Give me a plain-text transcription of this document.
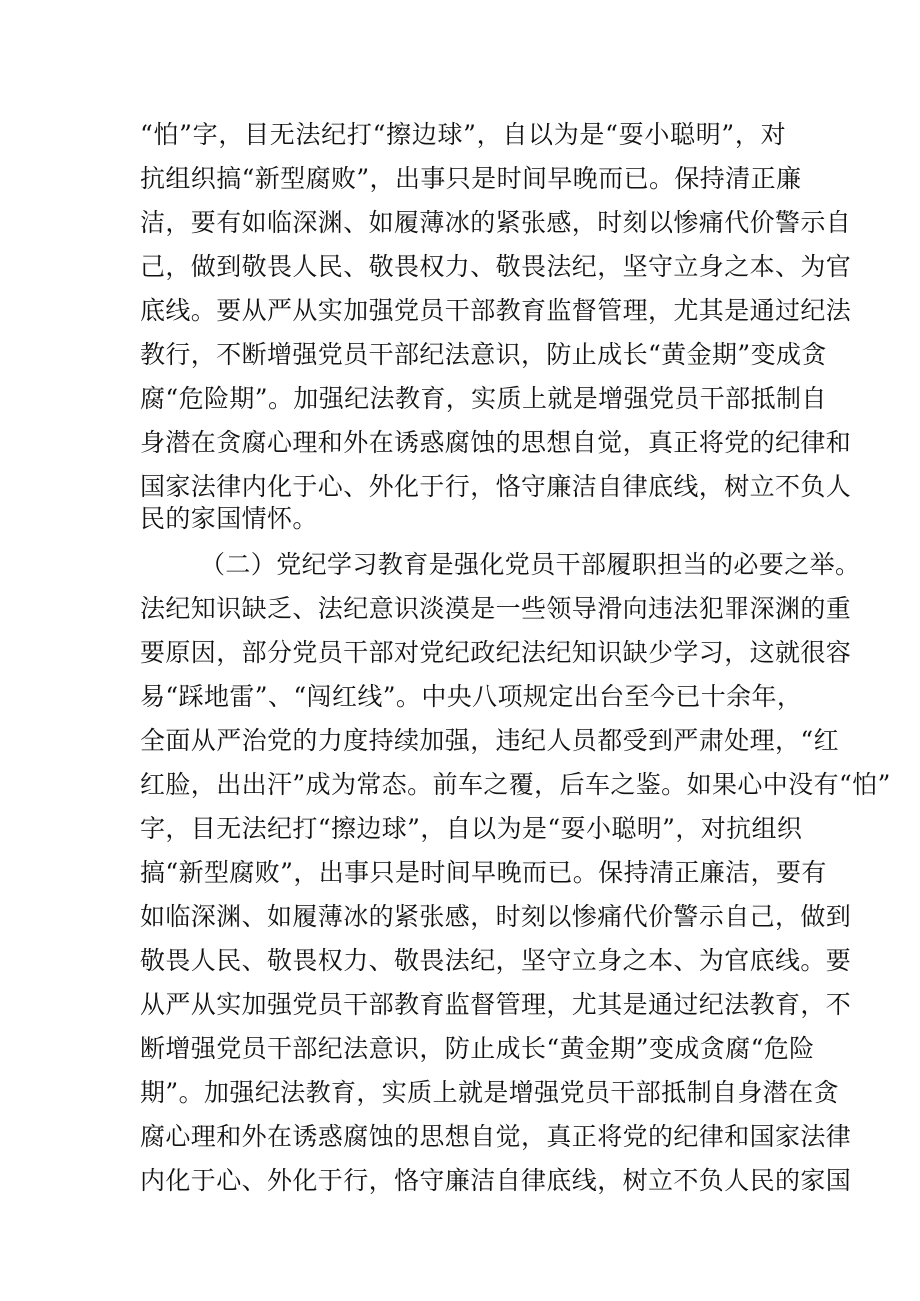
“怕”字，目无法纪打“擦边球”，自以为是“耍小聪明”，对
抗组织搞“新型腐败”，出事只是时间早晚而已。保持清正廉
洁，要有如临深渊、如履薄冰的紧张感，时刻以惨痛代价警示自
己，做到敬畏人民、敬畏权力、敬畏法纪，坚守立身之本、为官
底线。要从严从实加强党员干部教育监督管理，尤其是通过纪法
教行，不断增强党员干部纪法意识，防止成长“黄金期”变成贪
腐“危险期”。加强纪法教育，实质上就是增强党员干部抵制自
身潜在贪腐心理和外在诱惑腐蚀的思想自觉，真正将党的纪律和
国家法律内化于心、外化于行，恪守廉洁自律底线，树立不负人
民的家国情怀。
（二）党纪学习教育是强化党员干部履职担当的必要之举。
法纪知识缺乏、法纪意识淡漠是一些领导滑向违法犯罪深渊的重
要原因，部分党员干部对党纪政纪法纪知识缺少学习，这就很容
易“踩地雷”、“闯红线”。中央八项规定出台至今已十余年，
全面从严治党的力度持续加强，违纪人员都受到严肃处理，“红
红脸，出出汗”成为常态。前车之覆，后车之鉴。如果心中没有“怕”
字，目无法纪打“擦边球”，自以为是“耍小聪明”，对抗组织
搞“新型腐败”，出事只是时间早晚而已。保持清正廉洁，要有
如临深渊、如履薄冰的紧张感，时刻以惨痛代价警示自己，做到
敬畏人民、敬畏权力、敬畏法纪，坚守立身之本、为官底线。要
从严从实加强党员干部教育监督管理，尤其是通过纪法教育，不
断增强党员干部纪法意识，防止成长“黄金期”变成贪腐“危险
期”。加强纪法教育，实质上就是增强党员干部抵制自身潜在贪
腐心理和外在诱惑腐蚀的思想自觉，真正将党的纪律和国家法律
内化于心、外化于行，恪守廉洁自律底线，树立不负人民的家国
